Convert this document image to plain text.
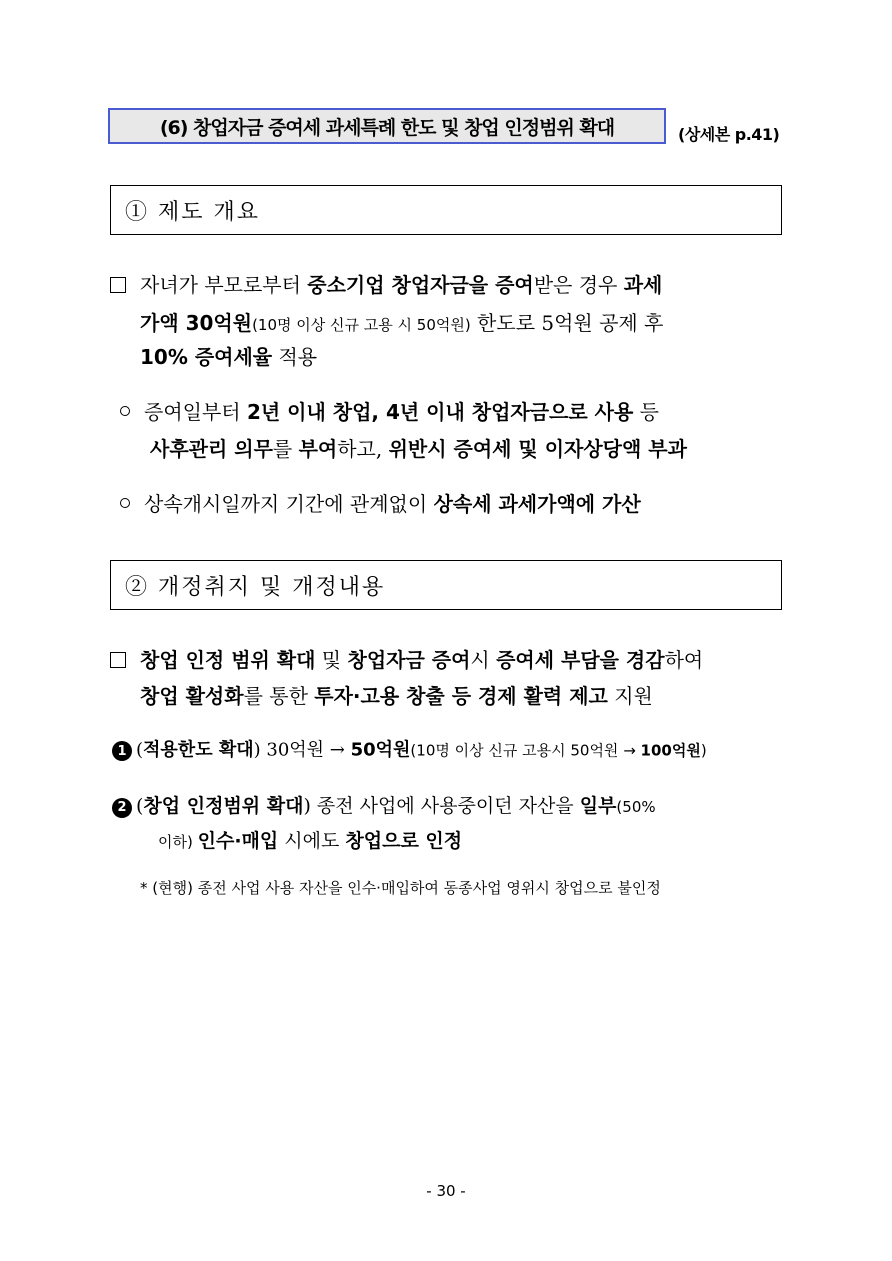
(6) 창업자금 증여세 과세특례 한도 및 창업 인정범위 확대	(상세본 p.41)
① 제도 개요
자녀가 부모로부터 중소기업 창업자금을 증여받은 경우 과세
가액 30억원(10명 이상 신규 고용 시 50억원) 한도로 5억원 공제 후
10% 증여세율 적용
증여일부터 2년 이내 창업, 4년 이내 창업자금으로 사용 등
사후관리 의무를 부여하고, 위반시 증여세 및 이자상당액 부과
상속개시일까지 기간에 관계없이 상속세 과세가액에 가산
② 개정취지 및 개정내용
창업 인정 범위 확대 및 창업자금 증여시 증여세 부담을 경감하여
창업 활성화를 통한 투자·고용 창출 등 경제 활력 제고 지원
1 (적용한도 확대) 30억원 → 50억원(10명 이상 신규 고용시 50억원 → 100억원)
2 (창업 인정범위 확대) 종전 사업에 사용중이던 자산을 일부(50%
이하) 인수·매입 시에도 창업으로 인정
* (현행) 종전 사업 사용 자산을 인수·매입하여 동종사업 영위시 창업으로 불인정
- 30 -
